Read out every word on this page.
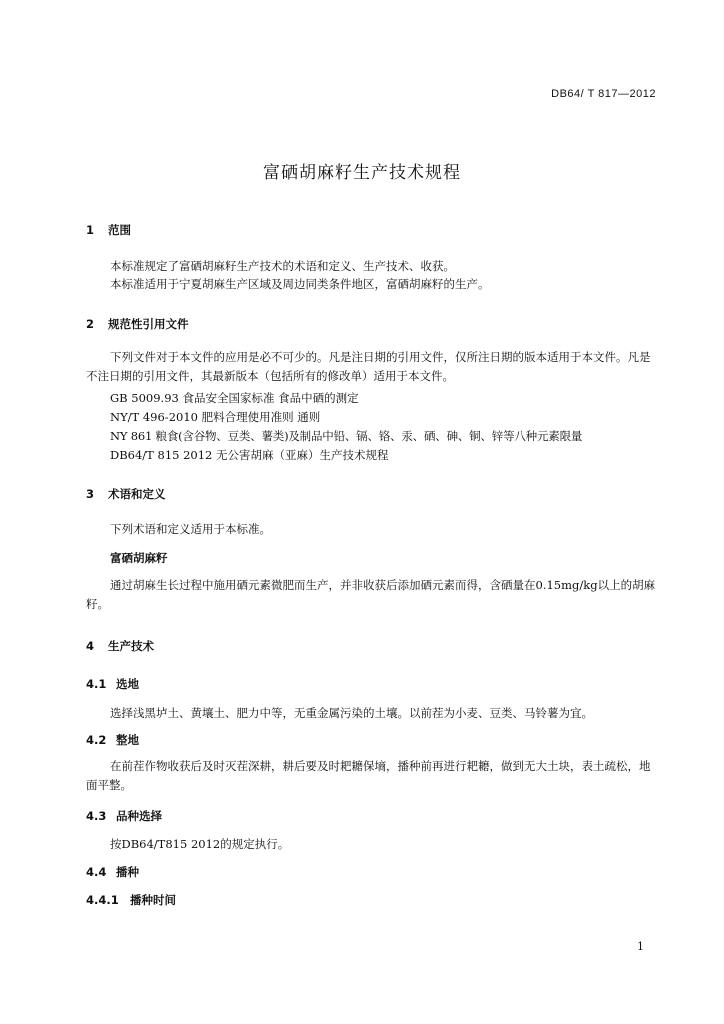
DB64/ T 817—2012
富硒胡麻籽生产技术规程
1 范围
本标准规定了富硒胡麻籽生产技术的术语和定义、生产技术、收获。
本标准适用于宁夏胡麻生产区域及周边同类条件地区，富硒胡麻籽的生产。
2 规范性引用文件
下列文件对于本文件的应用是必不可少的。凡是注日期的引用文件，仅所注日期的版本适用于本文件。凡是不注日期的引用文件，其最新版本（包括所有的修改单）适用于本文件。
GB 5009.93 食品安全国家标准 食品中硒的测定
NY/T 496-2010 肥料合理使用准则 通则
NY 861 粮食(含谷物、豆类、薯类)及制品中铅、镉、铬、汞、硒、砷、铜、锌等八种元素限量
DB64/T 815 2012 无公害胡麻（亚麻）生产技术规程
3 术语和定义
下列术语和定义适用于本标准。
富硒胡麻籽
通过胡麻生长过程中施用硒元素微肥而生产，并非收获后添加硒元素而得，含硒量在0.15mg/kg以上的胡麻籽。
4 生产技术
4.1 选地
选择浅黑垆土、黄壤土、肥力中等，无重金属污染的土壤。以前茬为小麦、豆类、马铃薯为宜。
4.2 整地
在前茬作物收获后及时灭茬深耕，耕后要及时耙耱保墒，播种前再进行耙耱，做到无大土块，表土疏松，地面平整。
4.3 品种选择
按DB64/T815 2012的规定执行。
4.4 播种
4.4.1 播种时间
1
